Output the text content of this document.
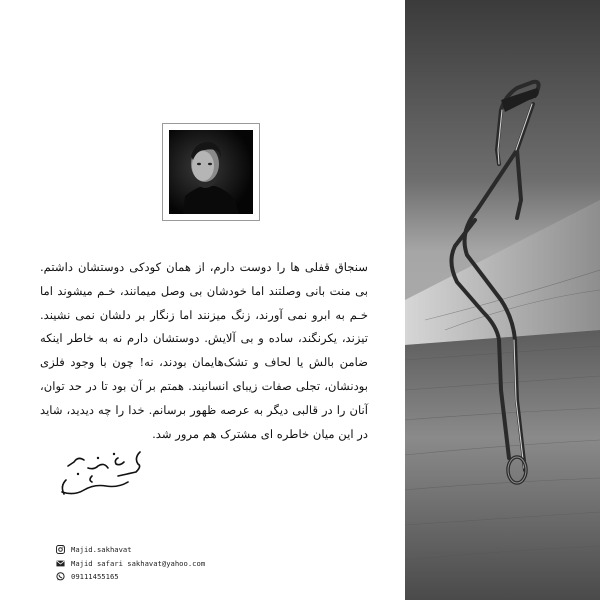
سنجاق قفلی ها را دوست دارم، از همان کودکی دوستشان داشتم. بی منت بانی وصلتند اما خودشان بی وصل میمانند، خـم میشوند اما خـم به ابرو نمی آورند، زنگ میزنند اما زنگار بر دلشان نمی نشیند. تیزند، یکرنگند، ساده و بی آلایش. دوستشان دارم نه به خاطر اینکه ضامن بالش یا لحاف و تشک‌هایمان بودند، نه! چون با وجود فلزی بودنشان، تجلی صفات زیبای انسانیند. همتم بر آن بود تا در حد توان، آنان را در قالبی دیگر به عرصه ظهور برسانم. خدا را چه دیدید، شاید در این میان خاطره ای مشترک هم مرور شد.

Majid.sakhavat
Majid safari sakhavat@yahoo.com
09111455165
